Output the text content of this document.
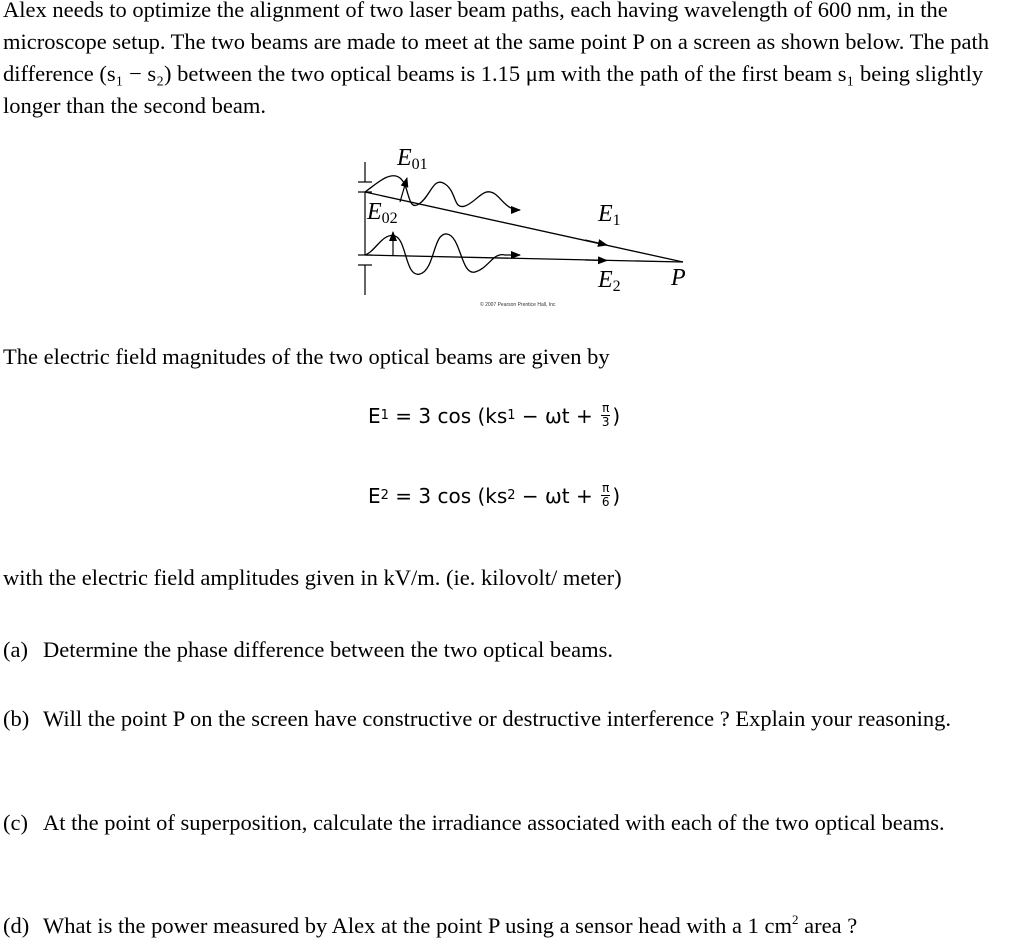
Alex needs to optimize the alignment of two laser beam paths, each having wavelength of 600 nm, in the microscope setup. The two beams are made to meet at the same point P on a screen as shown below. The path difference (s₁ − s₂) between the two optical beams is 1.15 μm with the path of the first beam s₁ being slightly longer than the second beam.

$E_{01}$
$E_{02}$	$E_1$
$E_2$ P
© 2007 Pearson Prentice Hall, Inc

The electric field magnitudes of the two optical beams are given by

E 1 = 3 cos (ks $1 - \omega t + \frac{\pi}{3}$ )
E 2 = 3 cos (ks $2 - \omega t + \frac{\pi}{6}$ )

with the electric field amplitudes given in kV/m. (ie. kilovolt/ meter)

(a) Determine the phase difference between the two optical beams.
(b) Will the point P on the screen have constructive or destructive interference ? Explain your reasoning.
(c) At the point of superposition, calculate the irradiance associated with each of the two optical beams.
(d) What is the power measured by Alex at the point P using a sensor head with a 1 $cm^2$ area ?
